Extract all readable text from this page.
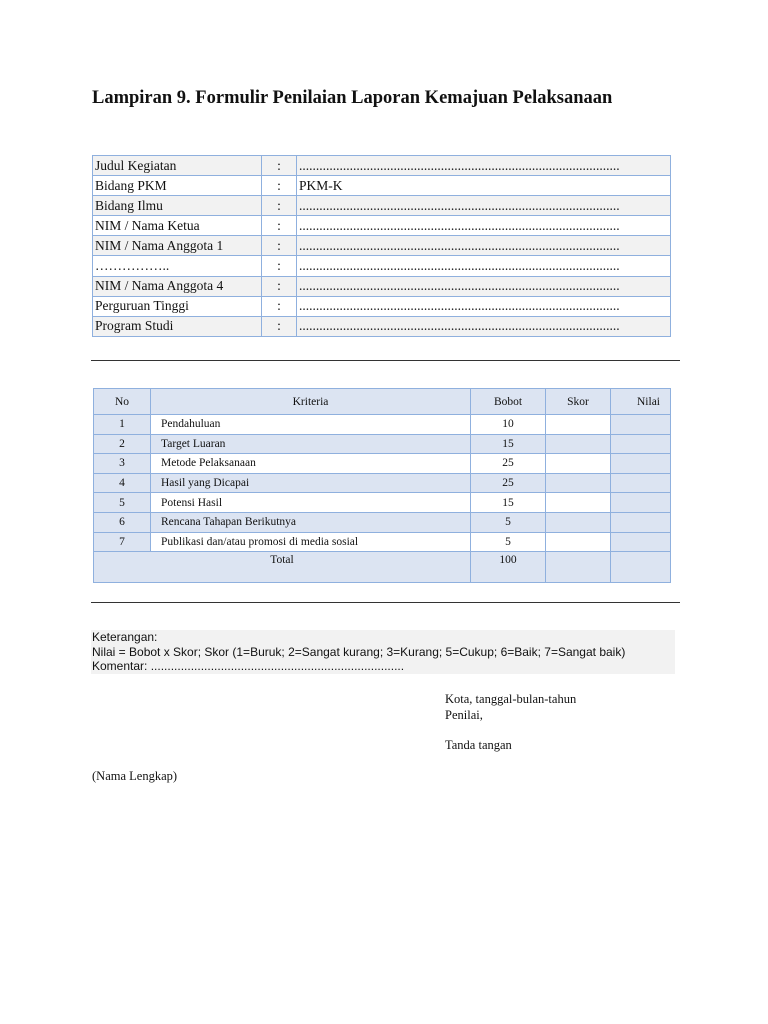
Lampiran 9. Formulir Penilaian Laporan Kemajuan Pelaksanaan
Judul Kegiatan	:	...............................................................................................
Bidang PKM	:	PKM-K
Bidang Ilmu	:	...............................................................................................
NIM / Nama Ketua	:	...............................................................................................
NIM / Nama Anggota 1	:	...............................................................................................
……………..	:	...............................................................................................
NIM / Nama Anggota 4	:	...............................................................................................
Perguruan Tinggi	:	...............................................................................................
Program Studi	:	...............................................................................................
No	Kriteria	Bobot	Skor	Nilai
1	Pendahuluan	10		
2	Target Luaran	15		
3	Metode Pelaksanaan	25		
4	Hasil yang Dicapai	25		
5	Potensi Hasil	15		
6	Rencana Tahapan Berikutnya	5		
7	Publikasi dan/atau promosi di media sosial	5		
Total		100		
Keterangan:
Nilai = Bobot x Skor; Skor (1=Buruk; 2=Sangat kurang; 3=Kurang; 5=Cukup; 6=Baik; 7=Sangat baik)
Komentar: ............................................................................
Kota, tanggal-bulan-tahun
Penilai,
Tanda tangan
(Nama Lengkap)
